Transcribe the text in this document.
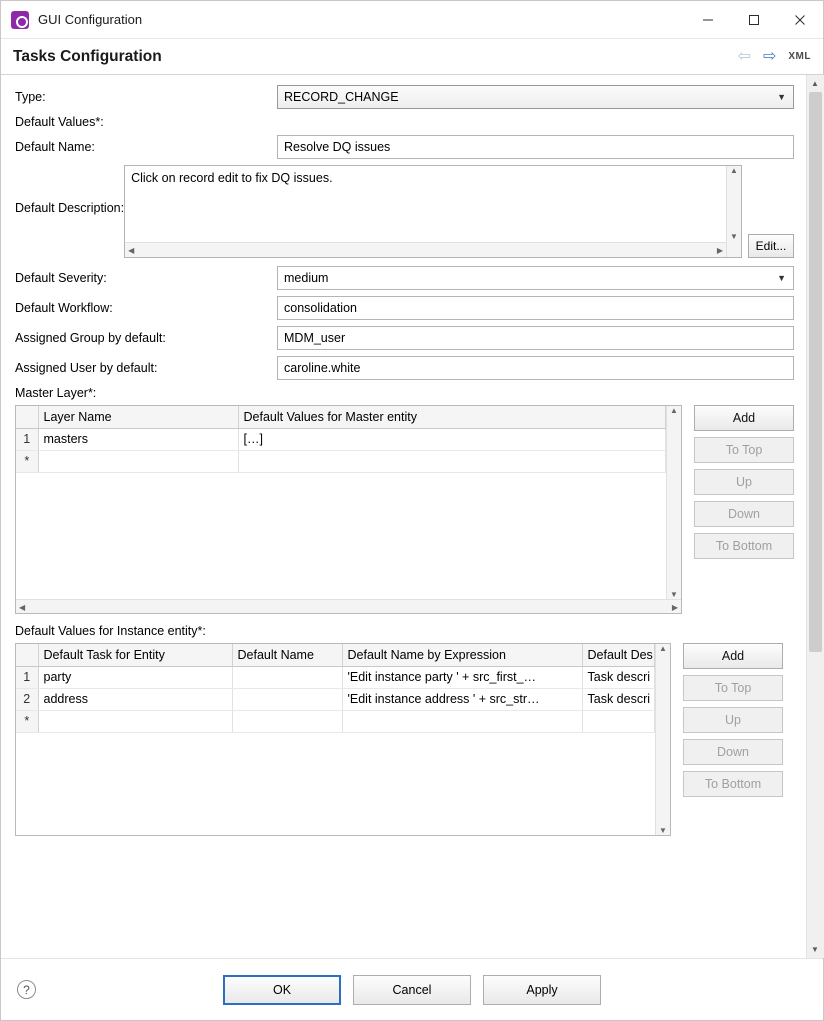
GUI Configuration
Tasks Configuration	⇦ ⇨ XML
Type:	RECORD_CHANGE	▼
Default Values*:
Default Name:	Resolve DQ issues
Default Description:
Click on record edit to fix DQ issues.
▲
▼
◀	▶	Edit...
Default Severity:	medium	▼
Default Workflow:	consolidation
Assigned Group by default:	MDM_user
Assigned User by default:	caroline.white
Master Layer*:
	Layer Name	Default Values for Master entity
1	masters	[…]
*		
▲
▼
◀	▶
Add
To Top
Up
Down
To Bottom
Default Values for Instance entity*:
	Default Task for Entity	Default Name	Default Name by Expression	Default Des
1	party		'Edit instance party ' + src_first_…	Task descri
2	address		'Edit instance address ' + src_str…	Task descri
*				
▲
▼
Add
To Top
Up
Down
To Bottom
▲
▼
?	OK	Cancel	Apply
